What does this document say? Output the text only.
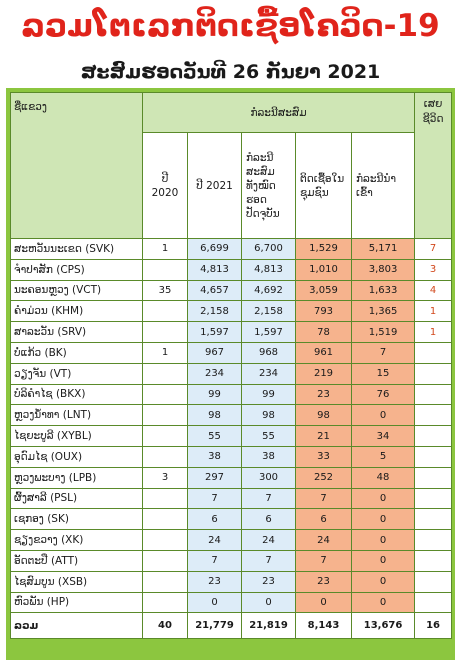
ລວມໂຕເລກຕິດເຊື້ອໂຄວິດ-19
ສະສົມຮອດວັນທີ 26 ກັນຍາ 2021
ຊື່ແຂວງ	ກໍລະນີສະສົມ					ເສຍຊີວິດ
	ປີ 2020	ປີ 2021	ກໍລະນີສະສົມທັງໝົດຮອດປັດຈຸບັນ	ຕິດເຊື້ອໃນຊຸມຊົນ	ກໍລະນີນຳເຂົ້າ	
ສະຫວັນນະເຂດ (SVK)	1	6,699	6,700	1,529	5,171	7
ຈຳປາສັກ (CPS)		4,813	4,813	1,010	3,803	3
ນະຄອນຫຼວງ (VCT)	35	4,657	4,692	3,059	1,633	4
ຄຳມ່ວນ (KHM)		2,158	2,158	793	1,365	1
ສາລະວັນ (SRV)		1,597	1,597	78	1,519	1
ບໍ່ແກ້ວ (BK)	1	967	968	961	7	
ວຽງຈັນ (VT)		234	234	219	15	
ບໍລິຄຳໄຊ (BKX)		99	99	23	76	
ຫຼວງນ້ຳທາ (LNT)		98	98	98	0	
ໄຊຍະບູລີ (XYBL)		55	55	21	34	
ອຸດົມໄຊ (OUX)		38	38	33	5	
ຫຼວງພະບາງ (LPB)	3	297	300	252	48	
ຜົ້ງສາລີ (PSL)		7	7	7	0	
ເຊກອງ (SK)		6	6	6	0	
ຊຽງຂວາງ (XK)		24	24	24	0	
ອັດຕະປື (ATT)		7	7	7	0	
ໄຊສົມບູນ (XSB)		23	23	23	0	
ຫົວພັນ (HP)		0	0	0	0	
ລວມ	40	21,779	21,819	8,143	13,676	16
